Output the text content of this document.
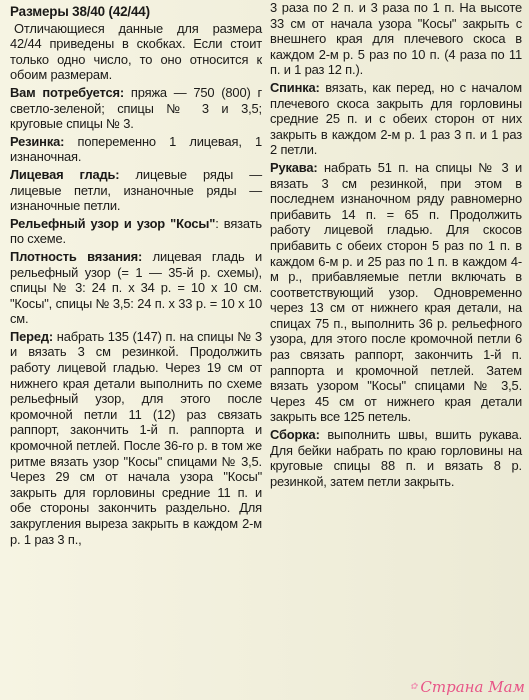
Размеры 38/40 (42/44)

Отличающиеся данные для размера 42/44 приведены в скобках. Если стоит только одно число, то оно относится к обоим размерам.

Вам потребуется: пряжа — 750 (800) г светло-зеленой; спицы № 3 и 3,5; круговые спицы № 3.

Резинка: попеременно 1 лицевая, 1 изнаночная.

Лицевая гладь: лицевые ряды — лицевые петли, изнаночные ряды — изнаночные петли.

Рельефный узор и узор "Косы": вязать по схеме.

Плотность вязания: лицевая гладь и рельефный узор (= 1 — 35-й р. схемы), спицы № 3: 24 п. х 34 р. = 10 х 10 см. "Косы", спицы № 3,5: 24 п. х 33 р. = 10 х 10 см.

Перед: набрать 135 (147) п. на спицы № 3 и вязать 3 см резинкой. Продолжить работу лицевой гладью. Через 19 см от нижнего края детали выполнить по схеме рельефный узор, для этого после кромочной петли 11 (12) раз связать раппорт, закончить 1-й п. раппорта и кромочной петлей. После 36-го р. в том же ритме вязать узор "Косы" спицами № 3,5. Через 29 см от начала узора "Косы" закрыть для горловины средние 11 п. и обе стороны закончить раздельно. Для закругления выреза закрыть в каждом 2-м р. 1 раз 3 п.,

3 раза по 2 п. и 3 раза по 1 п. На высоте 33 см от начала узора "Косы" закрыть с внешнего края для плечевого скоса в каждом 2-м р. 5 раз по 10 п. (4 раза по 11 п. и 1 раз 12 п.).

Спинка: вязать, как перед, но с началом плечевого скоса закрыть для горловины средние 25 п. и с обеих сторон от них закрыть в каждом 2-м р. 1 раз 3 п. и 1 раз 2 петли.

Рукава: набрать 51 п. на спицы № 3 и вязать 3 см резинкой, при этом в последнем изнаночном ряду равномерно прибавить 14 п. = 65 п. Продолжить работу лицевой гладью. Для скосов прибавить с обеих сторон 5 раз по 1 п. в каждом 6-м р. и 25 раз по 1 п. в каждом 4-м р., прибавляемые петли включать в соответствующий узор. Одновременно через 13 см от нижнего края детали, на спицах 75 п., выполнить 36 р. рельефного узора, для этого после кромочной петли 6 раз связать раппорт, закончить 1-й п. раппорта и кромочной петлей. Затем вязать узором "Косы" спицами № 3,5. Через 45 см от нижнего края детали закрыть все 125 петель.

Сборка: выполнить швы, вшить рукава. Для бейки набрать по краю горловины на круговые спицы 88 п. и вязать 8 р. резинкой, затем петли закрыть.

✿ Страна Мам
